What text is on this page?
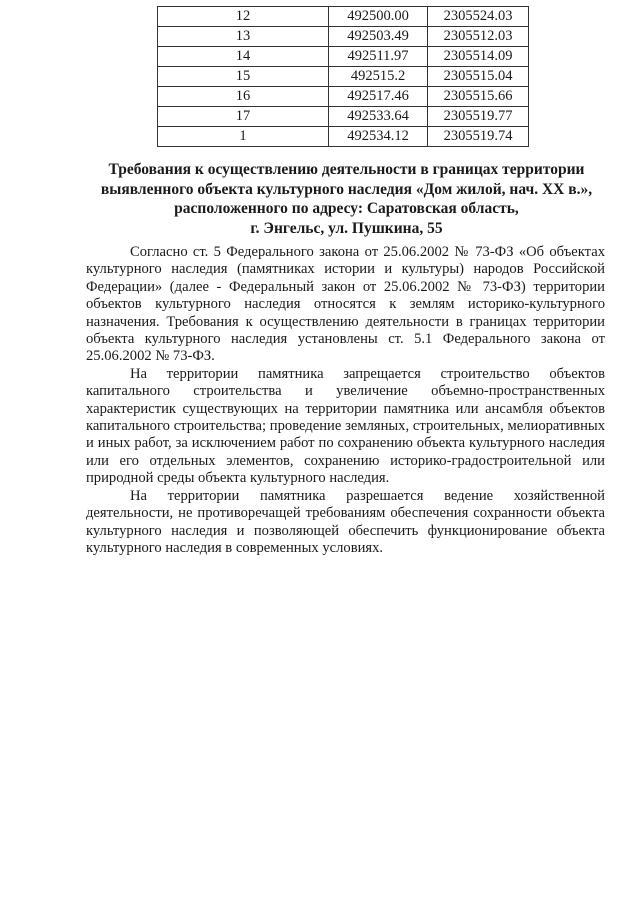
12	492500.00	2305524.03
13	492503.49	2305512.03
14	492511.97	2305514.09
15	492515.2	2305515.04
16	492517.46	2305515.66
17	492533.64	2305519.77
1	492534.12	2305519.74
Требования к осуществлению деятельности в границах территории
выявленного объекта культурного наследия «Дом жилой, нач. XX в.»,
расположенного по адресу: Саратовская область,
г. Энгельс, ул. Пушкина, 55

Согласно ст. 5 Федерального закона от 25.06.2002 № 73-ФЗ «Об объектах культурного наследия (памятниках истории и культуры) народов Российской Федерации» (далее - Федеральный закон от 25.06.2002 № 73-ФЗ) территории объектов культурного наследия относятся к землям историко-культурного назначения. Требования к осуществлению деятельности в границах территории объекта культурного наследия установлены ст. 5.1 Федерального закона от 25.06.2002 № 73-ФЗ.

На территории памятника запрещается строительство объектов капитального строительства и увеличение объемно-пространственных характеристик существующих на территории памятника или ансамбля объектов капитального строительства; проведение земляных, строительных, мелиоративных и иных работ, за исключением работ по сохранению объекта культурного наследия или его отдельных элементов, сохранению историко-градостроительной или природной среды объекта культурного наследия.

На территории памятника разрешается ведение хозяйственной деятельности, не противоречащей требованиям обеспечения сохранности объекта культурного наследия и позволяющей обеспечить функционирование объекта культурного наследия в современных условиях.
